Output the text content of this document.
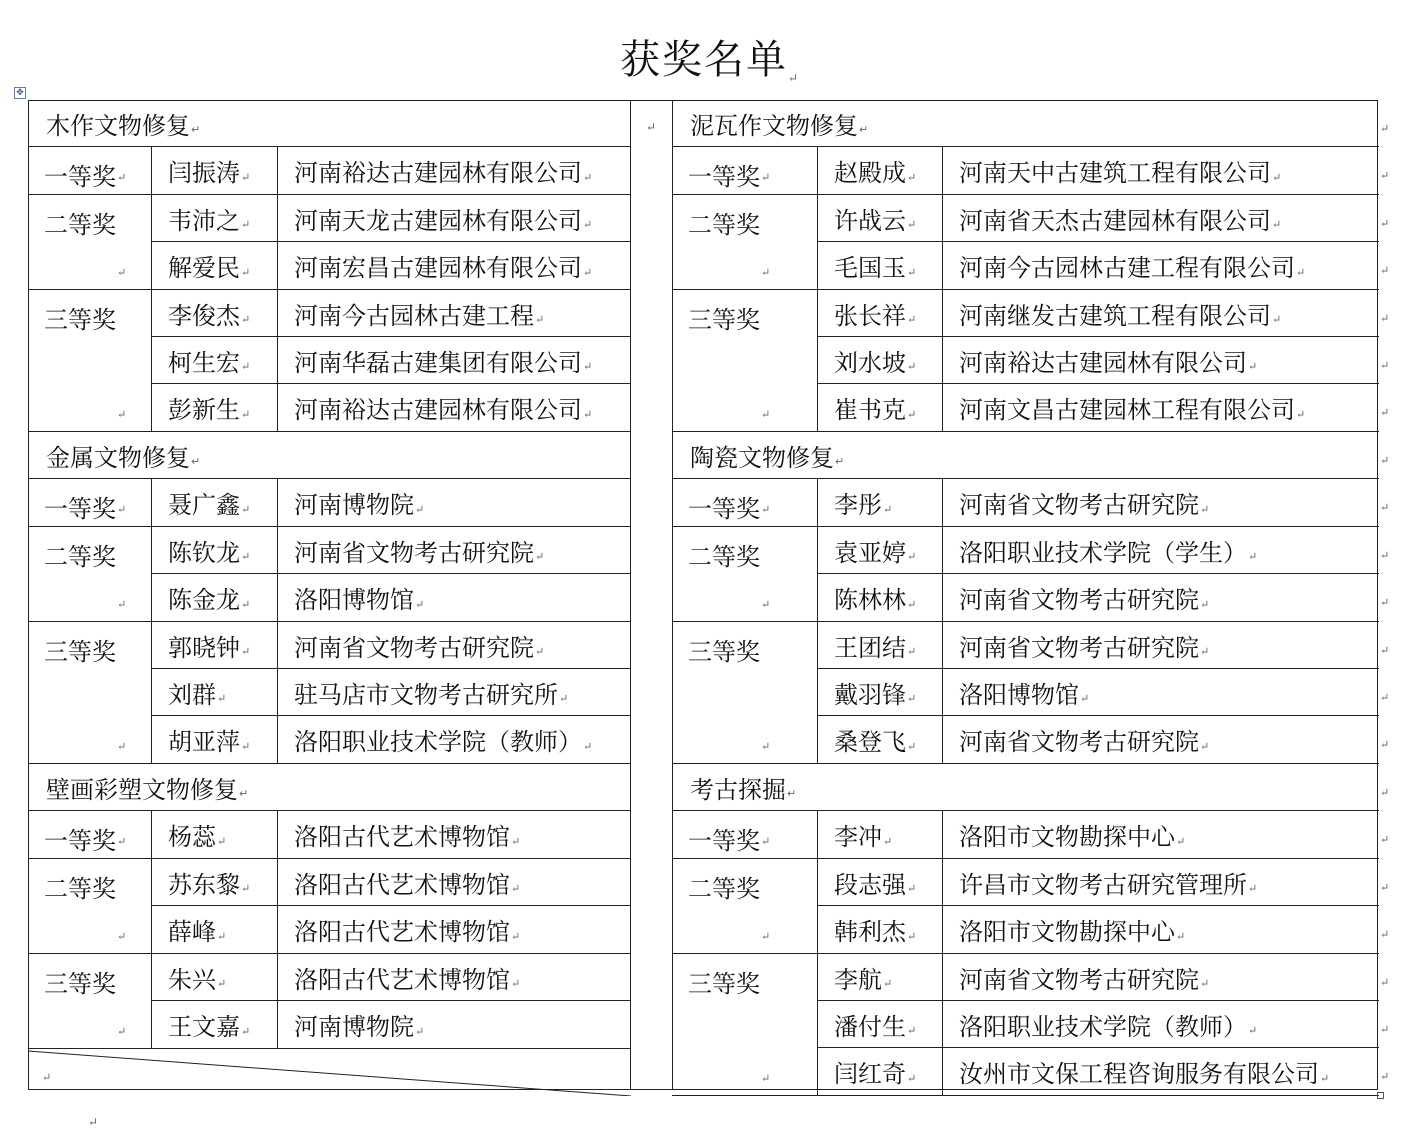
获奖名单↵
✥
↵
木作文物修复 ↵
一等奖 ↵ 闫振涛 ↵ 河南裕达古建园林有限公司 ↵
二等奖
↵
韦沛之 ↵ 河南天龙古建园林有限公司 ↵
解爱民 ↵ 河南宏昌古建园林有限公司 ↵
三等奖
↵
李俊杰 ↵ 河南今古园林古建工程 ↵
柯生宏 ↵ 河南华磊古建集团有限公司 ↵
彭新生 ↵ 河南裕达古建园林有限公司 ↵
金属文物修复 ↵
一等奖 ↵ 聂广鑫 ↵ 河南博物院 ↵
二等奖
↵
陈钦龙 ↵ 河南省文物考古研究院 ↵
陈金龙 ↵ 洛阳博物馆 ↵
三等奖
↵
郭晓钟 ↵ 河南省文物考古研究院 ↵
刘群 ↵	驻马店市文物考古研究所 ↵
胡亚萍 ↵ 洛阳职业技术学院（教师） ↵
壁画彩塑文物修复 ↵
一等奖 ↵ 杨蕊 ↵	洛阳古代艺术博物馆 ↵
二等奖
↵
苏东黎 ↵ 洛阳古代艺术博物馆 ↵
薛峰 ↵	洛阳古代艺术博物馆 ↵
三等奖
↵
朱兴 ↵	洛阳古代艺术博物馆 ↵
王文嘉 ↵ 河南博物院 ↵
↵
泥瓦作文物修复 ↵
一等奖 ↵	赵殿成 ↵ 河南天中古建筑工程有限公司 ↵
二等奖
↵
许战云 ↵ 河南省天杰古建园林有限公司 ↵
毛国玉 ↵ 河南今古园林古建工程有限公司 ↵
三等奖
↵
张长祥 ↵ 河南继发古建筑工程有限公司 ↵
刘水坡 ↵ 河南裕达古建园林有限公司 ↵
崔书克 ↵ 河南文昌古建园林工程有限公司 ↵
陶瓷文物修复 ↵
一等奖 ↵	李彤 ↵	河南省文物考古研究院 ↵
二等奖
↵
袁亚婷 ↵ 洛阳职业技术学院（学生） ↵
陈林林 ↵ 河南省文物考古研究院 ↵
三等奖
↵
王团结 ↵ 河南省文物考古研究院 ↵
戴羽锋 ↵ 洛阳博物馆 ↵
桑登飞 ↵ 河南省文物考古研究院 ↵
考古探掘 ↵
一等奖 ↵	李冲 ↵	洛阳市文物勘探中心 ↵
二等奖
↵
段志强 ↵ 许昌市文物考古研究管理所 ↵
韩利杰 ↵ 洛阳市文物勘探中心 ↵
三等奖
↵
李航 ↵	河南省文物考古研究院 ↵
潘付生 ↵ 洛阳职业技术学院（教师） ↵
闫红奇 ↵ 汝州市文保工程咨询服务有限公司 ↵
↵
↵
↵
↵
↵
↵
↵
↵
↵
↵
↵
↵
↵
↵
↵
↵
↵
↵
↵
↵
↵
↵
